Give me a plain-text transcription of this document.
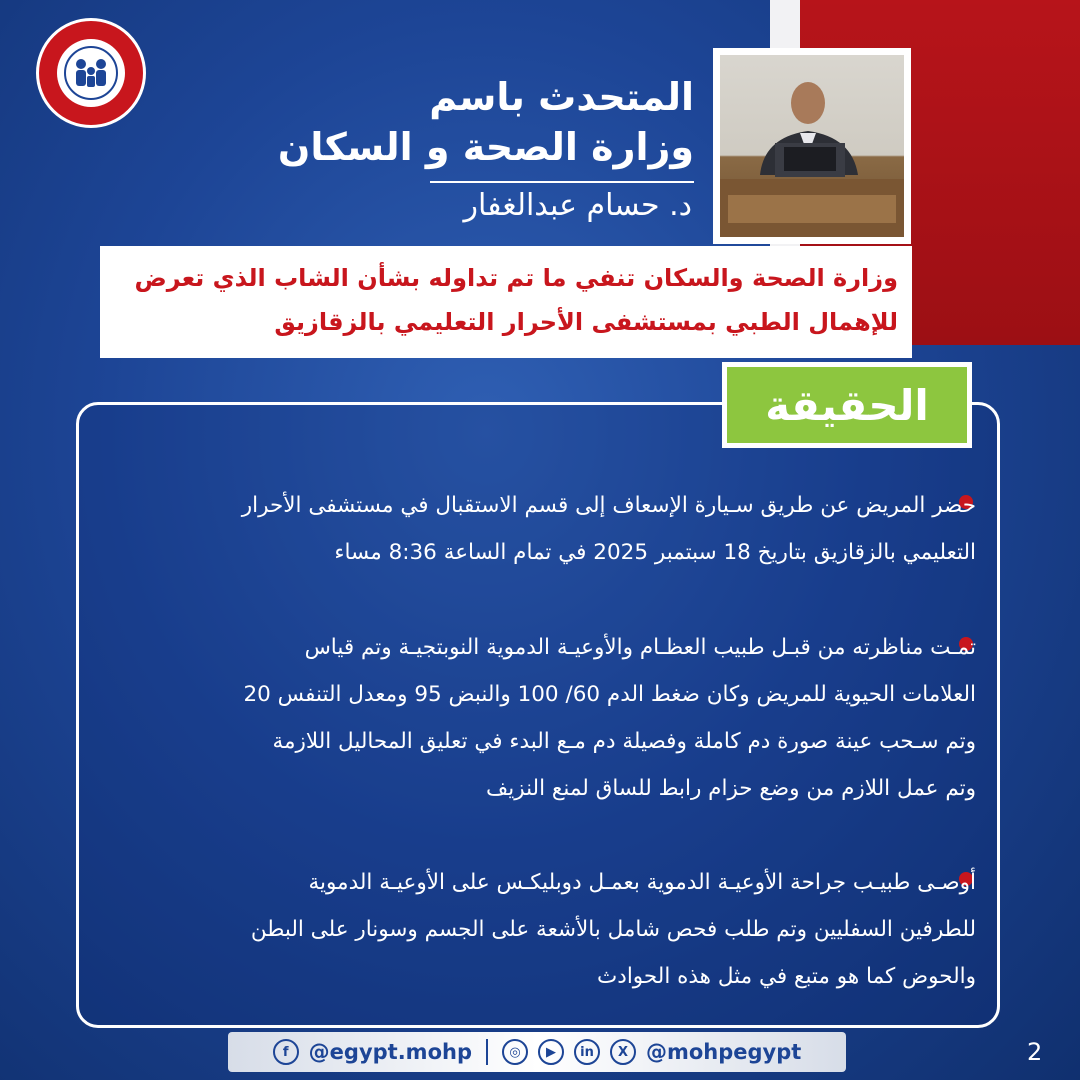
المتحدث باسم
وزارة الصحة و السكان
د. حسام عبدالغفار
وزارة الصحة والسكان تنفي ما تم تداوله بشأن الشاب الذي تعرض
للإهمال الطبي بمستشفى الأحرار التعليمي بالزقازيق
الحقيقة
حضر المريض عن طريق سـيارة الإسعاف إلى قسم الاستقبال في مستشفى الأحرار
التعليمي بالزقازيق بتاريخ 18 سبتمبر 2025 في تمام الساعة 8:36 مساء
تمـت مناظرته من قبـل طبيب العظـام والأوعيـة الدموية النوبتجيـة وتم قياس
العلامات الحيوية للمريض وكان ضغط الدم 60/ 100 والنبض 95 ومعدل التنفس 20
وتم سـحب عينة صورة دم كاملة وفصيلة دم مـع البدء في تعليق المحاليل اللازمة
وتم عمل اللازم من وضع حزام رابط للساق لمنع النزيف
أوصـى طبيـب جراحة الأوعيـة الدموية بعمـل دوبليكـس على الأوعيـة الدموية
للطرفين السفليين وتم طلب فحص شامل بالأشعة على الجسم وسونار على البطن
والحوض كما هو متبع في مثل هذه الحوادث
f @egypt.mohp	◎	▶	in	X @mohpegypt	2
